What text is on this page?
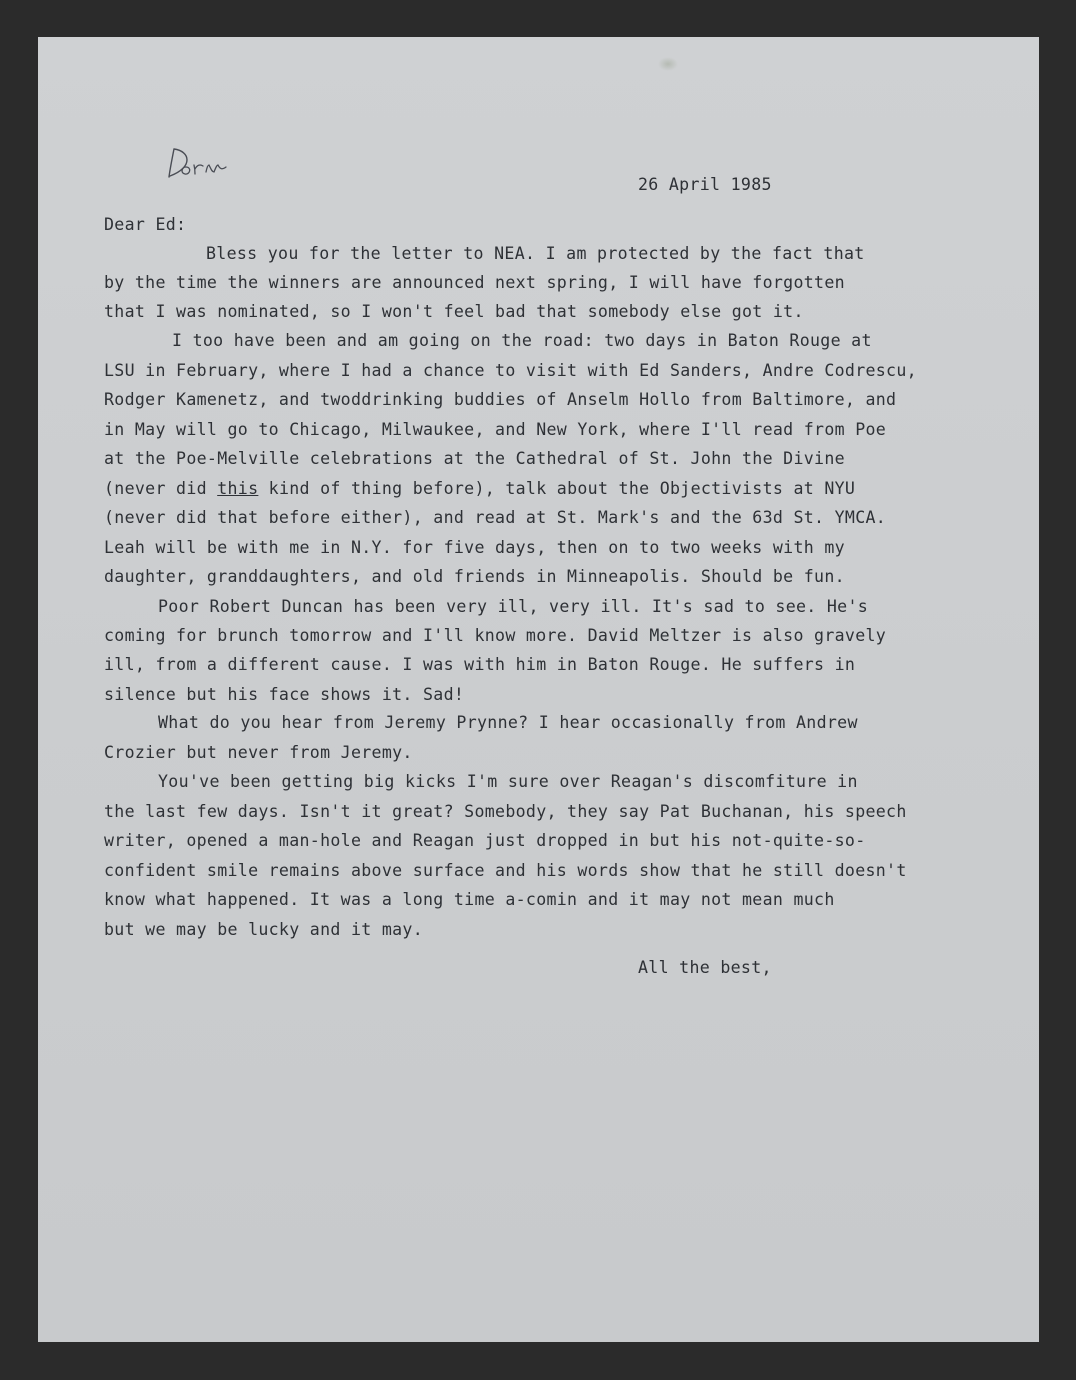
26 April 1985
Dear Ed:
Bless you for the letter to NEA. I am protected by the fact that
by the time the winners are announced next spring, I will have forgotten
that I was nominated, so I won't feel bad that somebody else got it.
I too have been and am going on the road: two days in Baton Rouge at
LSU in February, where I had a chance to visit with Ed Sanders, Andre Codrescu,
Rodger Kamenetz, and twoddrinking buddies of Anselm Hollo from Baltimore, and
in May will go to Chicago, Milwaukee, and New York, where I'll read from Poe
at the Poe-Melville celebrations at the Cathedral of St. John the Divine
(never did this kind of thing before), talk about the Objectivists at NYU
(never did that before either), and read at St. Mark's and the 63d St. YMCA.
Leah will be with me in N.Y. for five days, then on to two weeks with my
daughter, granddaughters, and old friends in Minneapolis. Should be fun.
Poor Robert Duncan has been very ill, very ill. It's sad to see. He's
coming for brunch tomorrow and I'll know more. David Meltzer is also gravely
ill, from a different cause. I was with him in Baton Rouge. He suffers in
silence but his face shows it. Sad!
What do you hear from Jeremy Prynne? I hear occasionally from Andrew
Crozier but never from Jeremy.
You've been getting big kicks I'm sure over Reagan's discomfiture in
the last few days. Isn't it great? Somebody, they say Pat Buchanan, his speech
writer, opened a man-hole and Reagan just dropped in but his not-quite-so-
confident smile remains above surface and his words show that he still doesn't
know what happened. It was a long time a-comin and it may not mean much
but we may be lucky and it may.
All the best,
